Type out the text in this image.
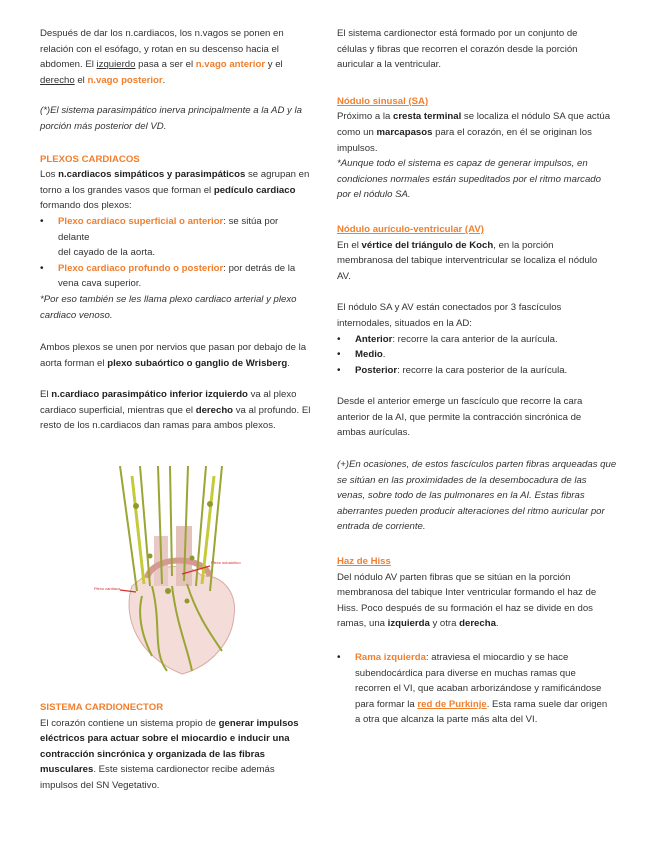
Después de dar los n.cardiacos, los n.vagos se ponen en

relación con el esófago, y rotan en su descenso hacia el

abdomen. El izquierdo pasa a ser el n.vago anterior y el

derecho el n.vago posterior.

(*)El sistema parasimpático inerva principalmente a la AD y la

porción más posterior del VD.

PLEXOS CARDIACOS

Los n.cardiacos simpáticos y parasimpáticos se agrupan en

torno a los grandes vasos que forman el pedículo cardiaco

formando dos plexos:

• Plexo cardiaco superficial o anterior: se sitúa por delante
del cayado de la aorta.
• Plexo cardiaco profundo o posterior: por detrás de la
vena cava superior.

*Por eso también se les llama plexo cardiaco arterial y plexo

cardiaco venoso.

Ambos plexos se unen por nervios que pasan por debajo de la

aorta forman el plexo subaórtico o ganglio de Wrisberg.

El n.cardiaco parasimpático inferior izquierdo va al plexo

cardiaco superficial, mientras que el derecho va al profundo. El

resto de los n.cardiacos dan ramas para ambos plexos.

Plexo cardiaco
Plexo subaórtico

SISTEMA CARDIONECTOR

El corazón contiene un sistema propio de generar impulsos

eléctricos para actuar sobre el miocardio e inducir una

contracción sincrónica y organizada de las fibras

musculares. Este sistema cardionector recibe además

impulsos del SN Vegetativo.

El sistema cardionector está formado por un conjunto de

células y fibras que recorren el corazón desde la porción

auricular a la ventricular.

Nódulo sinusal (SA)

Próximo a la cresta terminal se localiza el nódulo SA que actúa

como un marcapasos para el corazón, en él se originan los

impulsos.

*Aunque todo el sistema es capaz de generar impulsos, en

condiciones normales están supeditados por el ritmo marcado

por el nódulo SA.

Nódulo aurículo-ventricular (AV)

En el vértice del triángulo de Koch, en la porción

membranosa del tabique interventricular se localiza el nódulo

AV.

El nódulo SA y AV están conectados por 3 fascículos

internodales, situados en la AD:

• Anterior: recorre la cara anterior de la aurícula.
• Medio.
• Posterior: recorre la cara posterior de la aurícula.

Desde el anterior emerge un fascículo que recorre la cara

anterior de la AI, que permite la contracción sincrónica de

ambas aurículas.

(+)En ocasiones, de estos fascículos parten fibras arqueadas que

se sitúan en las proximidades de la desembocadura de las

venas, sobre todo de las pulmonares en la AI. Estas fibras

aberrantes pueden producir alteraciones del ritmo auricular por

entrada de corriente.

Haz de Hiss

Del nódulo AV parten fibras que se sitúan en la porción

membranosa del tabique Inter ventricular formando el haz de

Hiss. Poco después de su formación el haz se divide en dos

ramas, una izquierda y otra derecha.

• Rama izquierda: atraviesa el miocardio y se hace
subendocárdica para diverse en muchas ramas que
recorren el VI, que acaban arborizándose y ramificándose
para formar la red de Purkinje. Esta rama suele dar origen
a otra que alcanza la parte más alta del VI.
